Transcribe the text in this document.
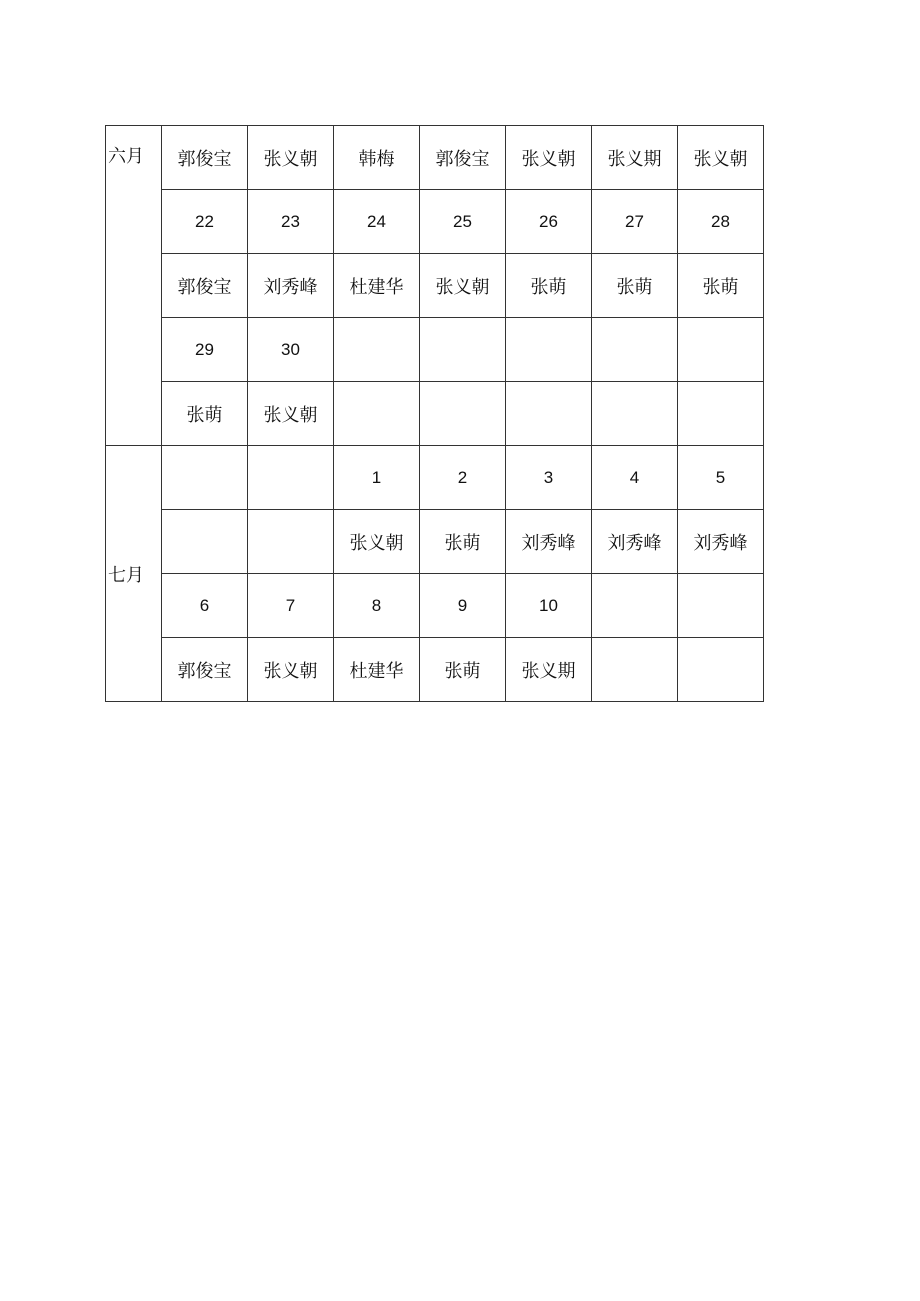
六月	郭俊宝	张义朝	韩梅	郭俊宝	张义朝	张义期	张义朝
	22	23	24	25	26	27	28
	郭俊宝	刘秀峰	杜建华	张义朝	张萌	张萌	张萌
	29	30					
	张萌	张义朝					
七月			1	2	3	4	5
			张义朝	张萌	刘秀峰	刘秀峰	刘秀峰
	6	7	8	9	10		
	郭俊宝	张义朝	杜建华	张萌	张义期		
